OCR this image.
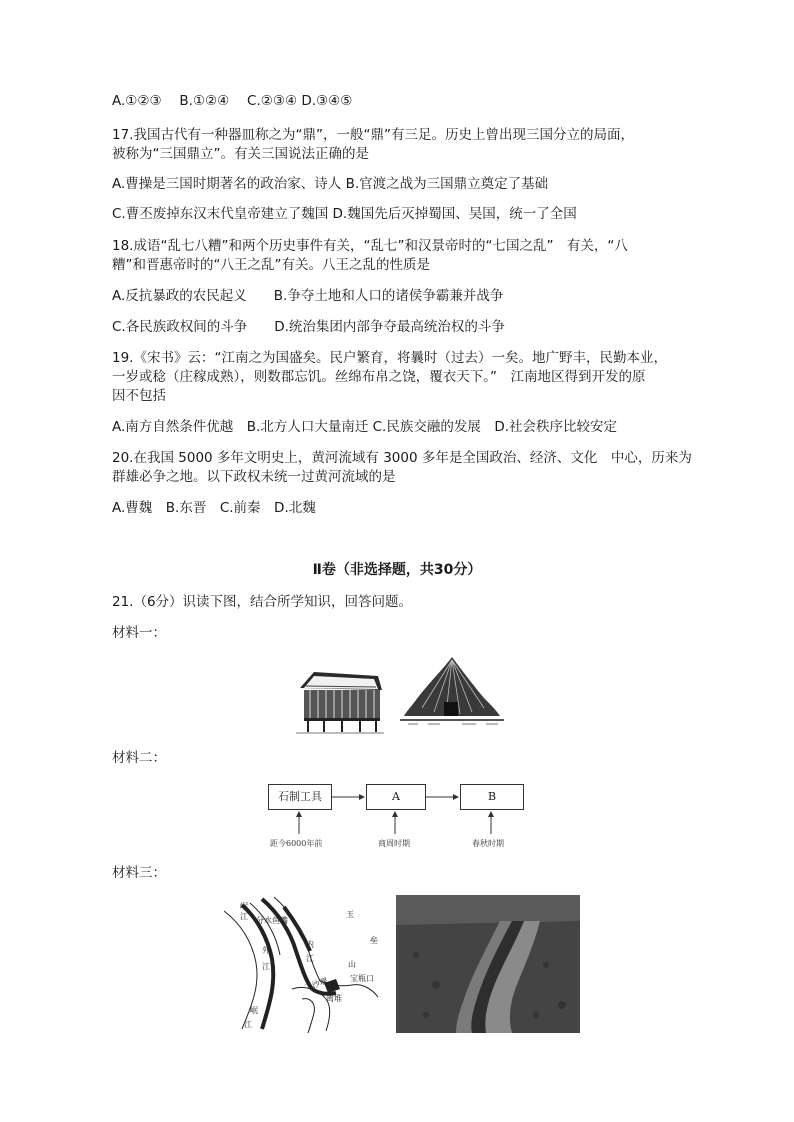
A.①②③　 B.①②④　 C.②③④ D.③④⑤
17.我国古代有一种器皿称之为“鼎”，一般“鼎”有三足。历史上曾出现三国分立的局面，
被称为“三国鼎立”。有关三国说法正确的是
A.曹操是三国时期著名的政治家、诗人 B.官渡之战为三国鼎立奠定了基础
C.曹丕废掉东汉末代皇帝建立了魏国 D.魏国先后灭掉蜀国、吴国，统一了全国
18.成语“乱七八糟”和两个历史事件有关，“乱七”和汉景帝时的“七国之乱”　有关，“八
糟”和晋惠帝时的“八王之乱”有关。八王之乱的性质是
A.反抗暴政的农民起义　　B.争夺土地和人口的诸侯争霸兼并战争
C.各民族政权间的斗争　　D.统治集团内部争夺最高统治权的斗争
19.《宋书》云：“江南之为国盛矣。民户繁育，将曩时（过去）一矣。地广野丰，民勤本业，
一岁或稔（庄稼成熟），则数郡忘饥。丝绵布帛之饶，覆衣天下。”　江南地区得到开发的原
因不包括
A.南方自然条件优越　B.北方人口大量南迁 C.民族交融的发展　D.社会秩序比较安定
20.在我国 5000 多年文明史上，黄河流域有 3000 多年是全国政治、经济、文化　中心，历来为
群雄必争之地。以下政权未统一过黄河流域的是
A.曹魏　B.东晋　C.前秦　D.北魏
Ⅱ卷（非选择题，共30分）
21.（6分）识读下图，结合所学知识，回答问题。
材料一：
材料二：
石制工具	A	B
距今6000年前	商周时期	春秋时期
材料三：
岷
江 分水鱼嘴
外
江
内
江
玉
垒
山
宝瓶口
飞沙堰
离堆
岷
江
